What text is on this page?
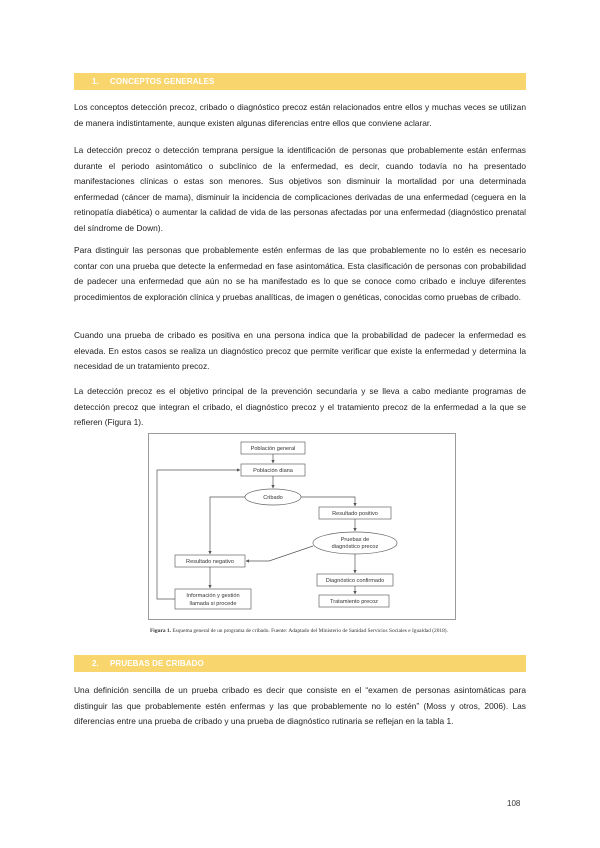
1. CONCEPTOS GENERALES

Los conceptos detección precoz, cribado o diagnóstico precoz están relacionados entre ellos y muchas veces se utilizan de manera indistintamente, aunque existen algunas diferencias entre ellos que conviene aclarar.

La detección precoz o detección temprana persigue la identificación de personas que probablemente están enfermas durante el periodo asintomático o subclínico de la enfermedad, es decir, cuando todavía no ha presentado manifestaciones clínicas o estas son menores. Sus objetivos son disminuir la mortalidad por una determinada enfermedad (cáncer de mama), disminuir la incidencia de complicaciones derivadas de una enfermedad (ceguera en la retinopatía diabética) o aumentar la calidad de vida de las personas afectadas por una enfermedad (diagnóstico prenatal del síndrome de Down).

Para distinguir las personas que probablemente estén enfermas de las que probablemente no lo estén es necesario contar con una prueba que detecte la enfermedad en fase asintomática. Esta clasificación de personas con probabilidad de padecer una enfermedad que aún no se ha manifestado es lo que se conoce como cribado e incluye diferentes procedimientos de exploración clínica y pruebas analíticas, de imagen o genéticas, conocidas como pruebas de cribado.

Cuando una prueba de cribado es positiva en una persona indica que la probabilidad de padecer la enfermedad es elevada. En estos casos se realiza un diagnóstico precoz que permite verificar que existe la enfermedad y determina la necesidad de un tratamiento precoz.

La detección precoz es el objetivo principal de la prevención secundaria y se lleva a cabo mediante programas de detección precoz que integran el cribado, el diagnóstico precoz y el tratamiento precoz de la enfermedad a la que se refieren (Figura 1).

Población general
Población diana
Cribado
Resultado positivo
Pruebas de
diagnóstico precoz
Resultado negativo
Diagnóstico confirmado
Información y gestión
llamada si procede	Tratamiento precoz
Figura 1. Esquema general de un programa de cribado. Fuente: Adaptado del Ministerio de Sanidad Servicios Sociales e Igualdad (2018).
2. PRUEBAS DE CRIBADO

Una definición sencilla de un prueba cribado es decir que consiste en el “examen de personas asintomáticas para distinguir las que probablemente estén enfermas y las que probablemente no lo estén” (Moss y otros, 2006). Las diferencias entre una prueba de cribado y una prueba de diagnóstico rutinaria se reflejan en la tabla 1.

108
